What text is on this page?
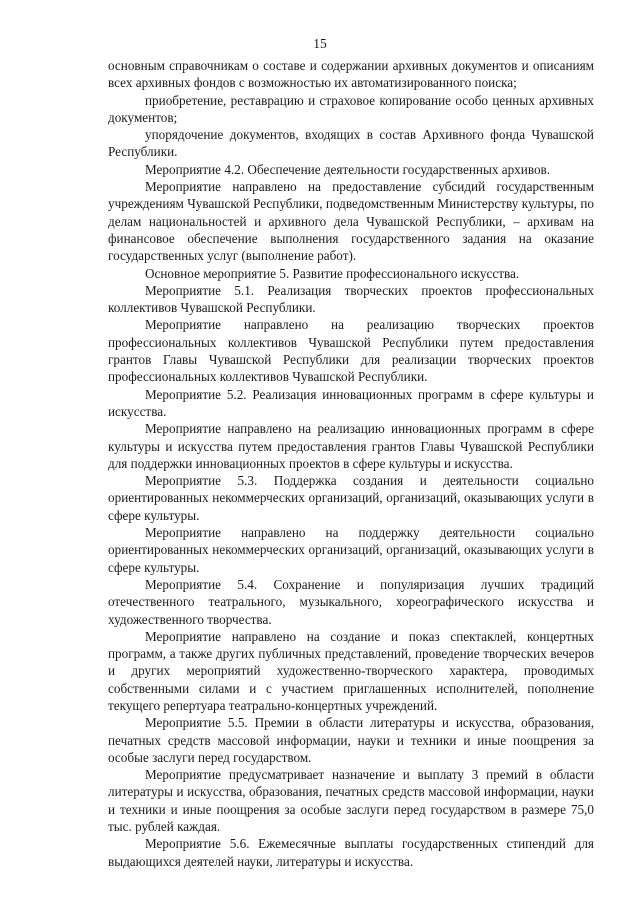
15

основным справочникам о составе и содержании архивных документов и описаниям всех архивных фондов с возможностью их автоматизированного поиска;

приобретение, реставрацию и страховое копирование особо ценных архивных документов;

упорядочение документов, входящих в состав Архивного фонда Чувашской Республики.

Мероприятие 4.2. Обеспечение деятельности государственных архивов.

Мероприятие направлено на предоставление субсидий государственным учреждениям Чувашской Республики, подведомственным Министерству культуры, по делам национальностей и архивного дела Чувашской Республики, – архивам на финансовое обеспечение выполнения государственного задания на оказание государственных услуг (выполнение работ).

Основное мероприятие 5. Развитие профессионального искусства.

Мероприятие 5.1. Реализация творческих проектов профессиональных коллективов Чувашской Республики.

Мероприятие направлено на реализацию творческих проектов профессиональных коллективов Чувашской Республики путем предоставления грантов Главы Чувашской Республики для реализации творческих проектов профессиональных коллективов Чувашской Республики.

Мероприятие 5.2. Реализация инновационных программ в сфере культуры и искусства.

Мероприятие направлено на реализацию инновационных программ в сфере культуры и искусства путем предоставления грантов Главы Чувашской Республики для поддержки инновационных проектов в сфере культуры и искусства.

Мероприятие 5.3. Поддержка создания и деятельности социально ориентированных некоммерческих организаций, организаций, оказывающих услуги в сфере культуры.

Мероприятие направлено на поддержку деятельности социально ориентированных некоммерческих организаций, организаций, оказывающих услуги в сфере культуры.

Мероприятие 5.4. Сохранение и популяризация лучших традиций отечественного театрального, музыкального, хореографического искусства и художественного творчества.

Мероприятие направлено на создание и показ спектаклей, концертных программ, а также других публичных представлений, проведение творческих вечеров и других мероприятий художественно-творческого характера, проводимых собственными силами и с участием приглашенных исполнителей, пополнение текущего репертуара театрально-концертных учреждений.

Мероприятие 5.5. Премии в области литературы и искусства, образования, печатных средств массовой информации, науки и техники и иные поощрения за особые заслуги перед государством.

Мероприятие предусматривает назначение и выплату 3 премий в области литературы и искусства, образования, печатных средств массовой информации, науки и техники и иные поощрения за особые заслуги перед государством в размере 75,0 тыс. рублей каждая.

Мероприятие 5.6. Ежемесячные выплаты государственных стипендий для выдающихся деятелей науки, литературы и искусства.
